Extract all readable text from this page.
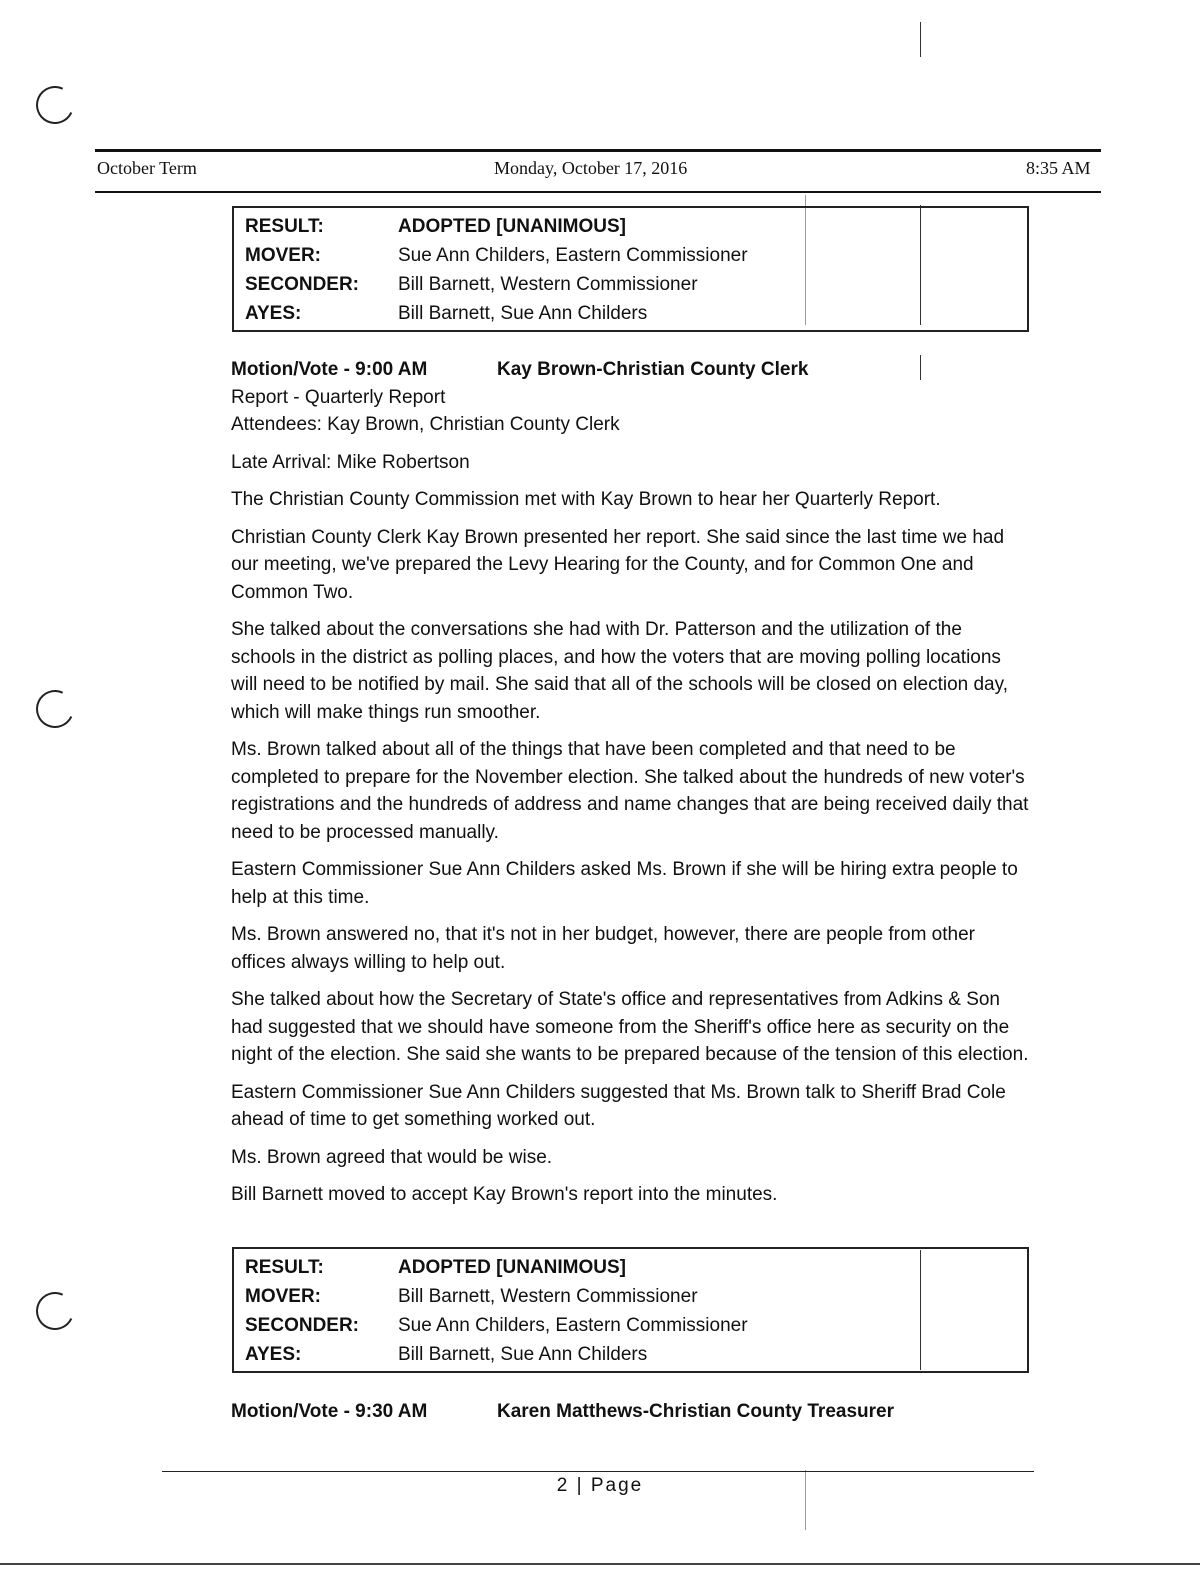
October Term	Monday, October 17, 2016	8:35 AM
RESULT:	ADOPTED [UNANIMOUS]
MOVER:	Sue Ann Childers, Eastern Commissioner
SECONDER:	Bill Barnett, Western Commissioner
AYES:	Bill Barnett, Sue Ann Childers
Motion/Vote - 9:00 AM	Kay Brown-Christian County Clerk

Report - Quarterly Report

Attendees: Kay Brown, Christian County Clerk

Late Arrival: Mike Robertson

The Christian County Commission met with Kay Brown to hear her Quarterly Report.

Christian County Clerk Kay Brown presented her report. She said since the last time we had our meeting, we've prepared the Levy Hearing for the County, and for Common One and Common Two.

She talked about the conversations she had with Dr. Patterson and the utilization of the schools in the district as polling places, and how the voters that are moving polling locations will need to be notified by mail. She said that all of the schools will be closed on election day, which will make things run smoother.

Ms. Brown talked about all of the things that have been completed and that need to be completed to prepare for the November election. She talked about the hundreds of new voter's registrations and the hundreds of address and name changes that are being received daily that need to be processed manually.

Eastern Commissioner Sue Ann Childers asked Ms. Brown if she will be hiring extra people to help at this time.

Ms. Brown answered no, that it's not in her budget, however, there are people from other offices always willing to help out.

She talked about how the Secretary of State's office and representatives from Adkins & Son had suggested that we should have someone from the Sheriff's office here as security on the night of the election. She said she wants to be prepared because of the tension of this election.

Eastern Commissioner Sue Ann Childers suggested that Ms. Brown talk to Sheriff Brad Cole ahead of time to get something worked out.

Ms. Brown agreed that would be wise.

Bill Barnett moved to accept Kay Brown's report into the minutes.

RESULT:	ADOPTED [UNANIMOUS]
MOVER:	Bill Barnett, Western Commissioner
SECONDER:	Sue Ann Childers, Eastern Commissioner
AYES:	Bill Barnett, Sue Ann Childers
Motion/Vote - 9:30 AM	Karen Matthews-Christian County Treasurer
2 | Page
